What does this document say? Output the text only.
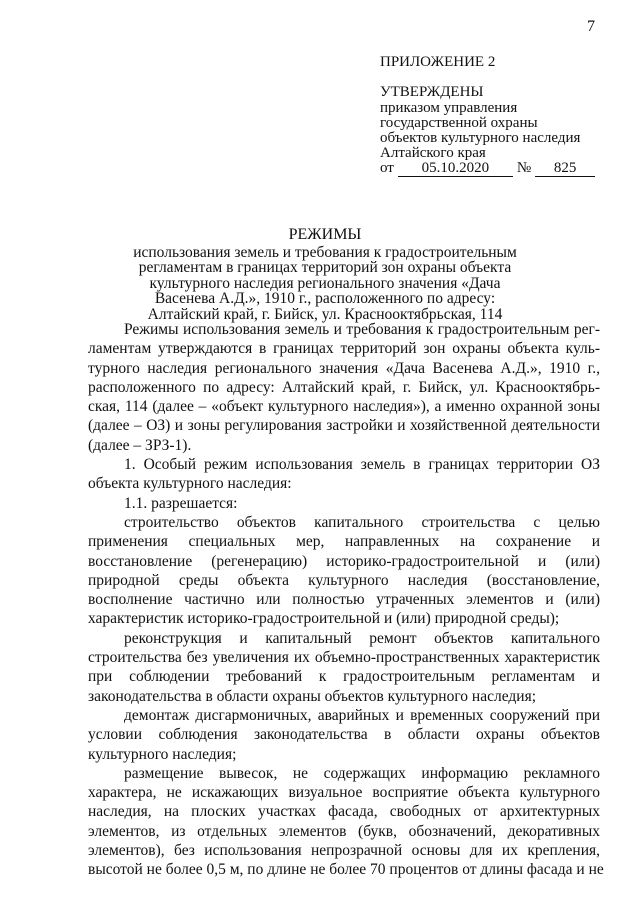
7
ПРИЛОЖЕНИЕ 2
УТВЕРЖДЕНЫ
приказом управления
государственной охраны
объектов культурного наследия
Алтайского края
от	05.10.2020	№	825
РЕЖИМЫ
использования земель и требования к градостроительным
регламентам в границах территорий зон охраны объекта
культурного наследия регионального значения «Дача
Васенева А.Д.», 1910 г., расположенного по адресу:
Алтайский край, г. Бийск, ул. Краснооктябрьская, 114
Режимы использования земель и требования к градостроительным рег-
ламентам утверждаются в границах территорий зон охраны объекта куль-
турного наследия регионального значения «Дача Васенева А.Д.», 1910 г.,
расположенного по адресу: Алтайский край, г. Бийск, ул. Краснооктябрь-
ская, 114 (далее – «объект культурного наследия»), а именно охранной зоны
(далее – ОЗ) и зоны регулирования застройки и хозяйственной деятельности
(далее – ЗРЗ-1).
1. Особый режим использования земель в границах территории ОЗ
объекта культурного наследия:
1.1. разрешается:
строительство объектов капитального строительства с целью
применения специальных мер, направленных на сохранение и
восстановление (регенерацию) историко-градостроительной и (или)
природной среды объекта культурного наследия (восстановление,
восполнение частично или полностью утраченных элементов и (или)
характеристик историко-градостроительной и (или) природной среды);
реконструкция и капитальный ремонт объектов капитального
строительства без увеличения их объемно-пространственных характеристик
при соблюдении требований к градостроительным регламентам и
законодательства в области охраны объектов культурного наследия;
демонтаж дисгармоничных, аварийных и временных сооружений при
условии соблюдения законодательства в области охраны объектов
культурного наследия;
размещение вывесок, не содержащих информацию рекламного
характера, не искажающих визуальное восприятие объекта культурного
наследия, на плоских участках фасада, свободных от архитектурных
элементов, из отдельных элементов (букв, обозначений, декоративных
элементов), без использования непрозрачной основы для их крепления,
высотой не более 0,5 м, по длине не более 70 процентов от длины фасада и не
